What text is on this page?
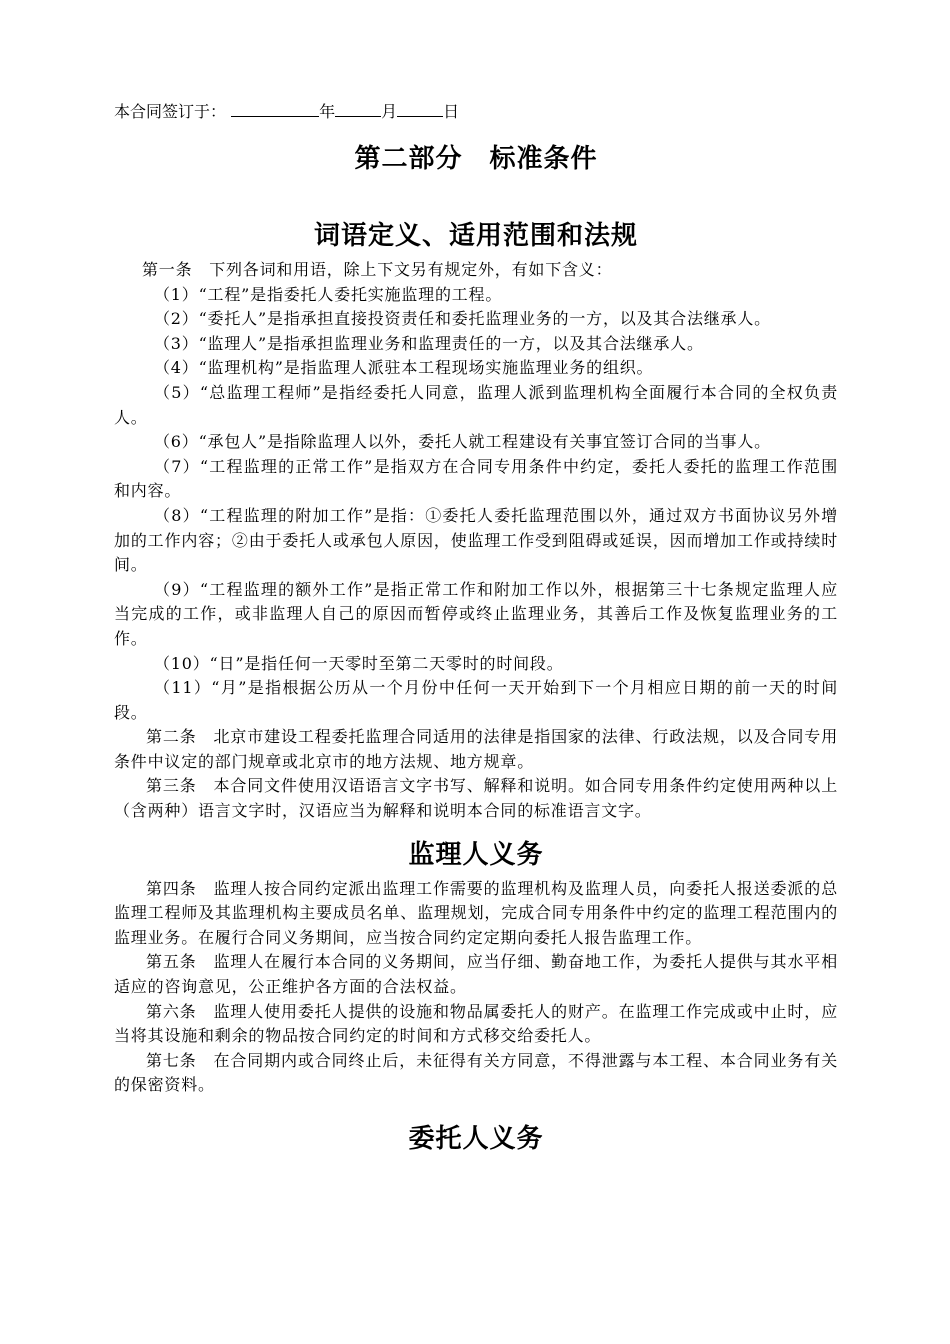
本合同签订于：	年	月	日
第二部分　标准条件
词语定义、适用范围和法规

第一条　下列各词和用语，除上下文另有规定外，有如下含义：

（1）“工程”是指委托人委托实施监理的工程。

（2）“委托人”是指承担直接投资责任和委托监理业务的一方，以及其合法继承人。

（3）“监理人”是指承担监理业务和监理责任的一方，以及其合法继承人。

（4）“监理机构”是指监理人派驻本工程现场实施监理业务的组织。

（5）“总监理工程师”是指经委托人同意，监理人派到监理机构全面履行本合同的全权负责人。

（6）“承包人”是指除监理人以外，委托人就工程建设有关事宜签订合同的当事人。

（7）“工程监理的正常工作”是指双方在合同专用条件中约定，委托人委托的监理工作范围和内容。

（8）“工程监理的附加工作”是指：①委托人委托监理范围以外，通过双方书面协议另外增加的工作内容；②由于委托人或承包人原因，使监理工作受到阻碍或延误，因而增加工作或持续时间。

（9）“工程监理的额外工作”是指正常工作和附加工作以外，根据第三十七条规定监理人应当完成的工作，或非监理人自己的原因而暂停或终止监理业务，其善后工作及恢复监理业务的工作。

（10）“日”是指任何一天零时至第二天零时的时间段。

（11）“月”是指根据公历从一个月份中任何一天开始到下一个月相应日期的前一天的时间段。

第二条　北京市建设工程委托监理合同适用的法律是指国家的法律、行政法规，以及合同专用条件中议定的部门规章或北京市的地方法规、地方规章。

第三条　本合同文件使用汉语语言文字书写、解释和说明。如合同专用条件约定使用两种以上（含两种）语言文字时，汉语应当为解释和说明本合同的标准语言文字。

监理人义务

第四条　监理人按合同约定派出监理工作需要的监理机构及监理人员，向委托人报送委派的总监理工程师及其监理机构主要成员名单、监理规划，完成合同专用条件中约定的监理工程范围内的监理业务。在履行合同义务期间，应当按合同约定定期向委托人报告监理工作。

第五条　监理人在履行本合同的义务期间，应当仔细、勤奋地工作，为委托人提供与其水平相适应的咨询意见，公正维护各方面的合法权益。

第六条　监理人使用委托人提供的设施和物品属委托人的财产。在监理工作完成或中止时，应当将其设施和剩余的物品按合同约定的时间和方式移交给委托人。

第七条　在合同期内或合同终止后，未征得有关方同意，不得泄露与本工程、本合同业务有关的保密资料。

委托人义务
